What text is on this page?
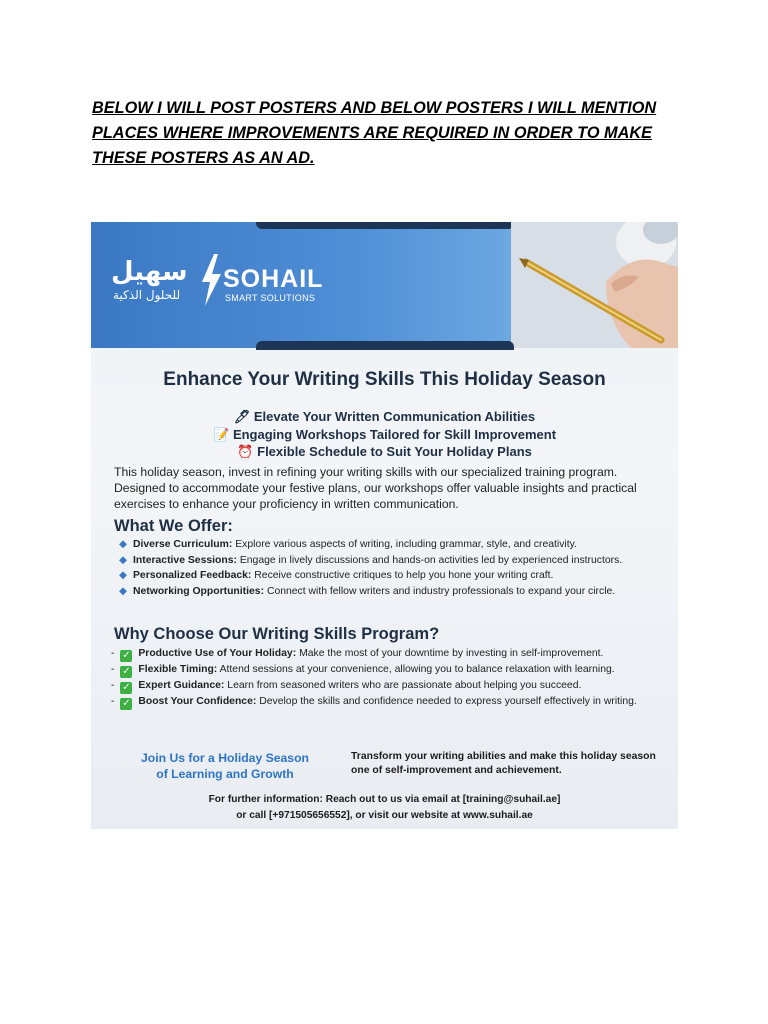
BELOW I WILL POST POSTERS AND BELOW POSTERS I WILL MENTION PLACES WHERE IMPROVEMENTS ARE REQUIRED IN ORDER TO MAKE THESE POSTERS AS AN AD.
سهيل
للحلول الذكية
SOHAIL
SMART SOLUTIONS
Enhance Your Writing Skills This Holiday Season
🖊 Elevate Your Written Communication Abilities
📝 Engaging Workshops Tailored for Skill Improvement
⏰ Flexible Schedule to Suit Your Holiday Plans
This holiday season, invest in refining your writing skills with our specialized training program. Designed to accommodate your festive plans, our workshops offer valuable insights and practical exercises to enhance your proficiency in written communication.
What We Offer:
◆ Diverse Curriculum: Explore various aspects of writing, including grammar, style, and creativity.
◆ Interactive Sessions: Engage in lively discussions and hands-on activities led by experienced instructors.
◆ Personalized Feedback: Receive constructive critiques to help you hone your writing craft.
◆ Networking Opportunities: Connect with fellow writers and industry professionals to expand your circle.
Why Choose Our Writing Skills Program?
- ✓ Productive Use of Your Holiday: Make the most of your downtime by investing in self-improvement.
- ✓ Flexible Timing: Attend sessions at your convenience, allowing you to balance relaxation with learning.
- ✓ Expert Guidance: Learn from seasoned writers who are passionate about helping you succeed.
- ✓ Boost Your Confidence: Develop the skills and confidence needed to express yourself effectively in writing.
Join Us for a Holiday Season
of Learning and Growth
Transform your writing abilities and make this holiday season one of self-improvement and achievement.
For further information: Reach out to us via email at [training@suhail.ae]
or call [+971505656552], or visit our website at www.suhail.ae
